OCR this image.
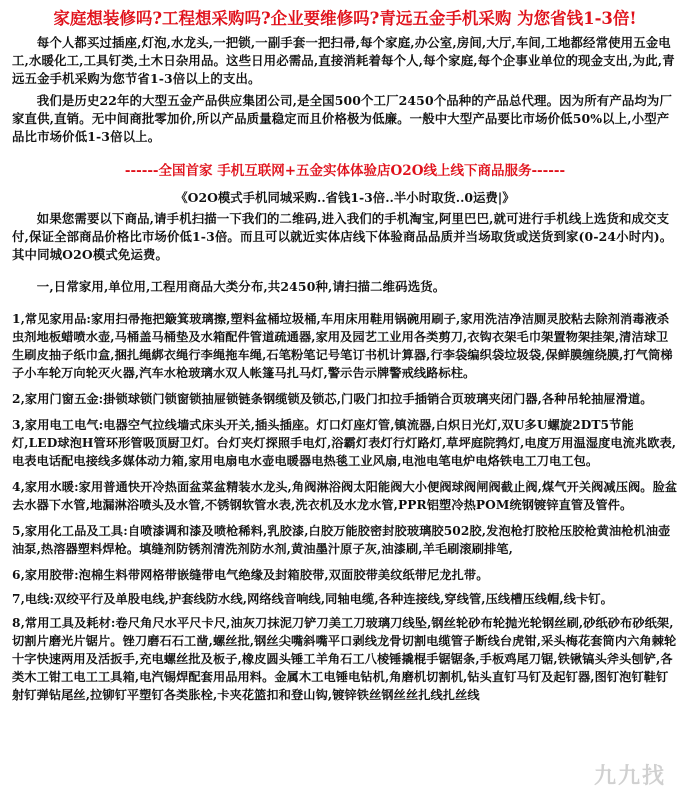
家庭想装修吗?工程想采购吗?企业要维修吗?青远五金手机采购 为您省钱1-3倍!

每个人都买过插座,灯泡,水龙头,一把锁,一副手套一把扫帚,每个家庭,办公室,房间,大厅,车间,工地都经常使用五金电工,水暖化工,工具钉类,土木日杂用品。这些日用必需品,直接消耗着每个人,每个家庭,每个企事业单位的现金支出,为此,青远五金手机采购为您节省1-3倍以上的支出。

我们是历史22年的大型五金产品供应集团公司,是全国500个工厂2450个品种的产品总代理。因为所有产品均为厂家直供,直销。无中间商批零加价,所以产品质量稳定而且价格极为低廉。一般中大型产品要比市场价低50%以上,小型产品比市场价低1-3倍以上。

------全国首家 手机互联网+五金实体体验店O2O线上线下商品服务------
《O2O模式手机同城采购..省钱1-3倍..半小时取货..0运费|》

如果您需要以下商品,请手机扫描一下我们的二维码,进入我们的手机淘宝,阿里巴巴,就可进行手机线上选货和成交支付,保证全部商品价格比市场价低1-3倍。而且可以就近实体店线下体验商品品质并当场取货或送货到家(0-24小时内)。其中同城O2O模式免运费。

一,日常家用,单位用,工程用商品大类分布,共2450种,请扫描二维码选货。

1,常见家用品:家用扫帚拖把簸箕玻璃擦,塑料盆桶垃圾桶,车用床用鞋用锅碗用刷子,家用洗洁净洁厕灵胶粘去除剂消毒液杀虫剂地板蜡喷水壶,马桶盖马桶垫及水箱配件管道疏通器,家用及园艺工业用各类剪刀,衣钩衣架毛巾架置物架挂架,清洁球卫生刷皮抽子纸巾盒,捆扎绳綁衣绳行李绳拖车绳,石笔粉笔记号笔订书机计算器,行李袋编织袋垃圾袋,保鲜膜缠绕膜,打气筒梯子小车轮万向轮灭火器,汽车水枪玻璃水双人帐篷马扎马灯,警示告示牌警戒线路标柱。

2,家用门窗五金:掛锁球锁门锁窗锁抽屉锁链条钢缆锁及锁芯,门吸门扣拉手插销合页玻璃夹闭门器,各种吊轮抽屉滑道。

3,家用电工电气:电器空气拉线墙式床头开关,插头插座。灯口灯座灯管,镇流器,白炽日光灯,双U多U螺旋2DT5节能灯,LED球泡H管环形管吸顶厨卫灯。台灯夹灯探照手电灯,浴霸灯表灯行灯路灯,草坪庭院鹁灯,电度万用温湿度电流兆欧表,电表电话配电接线多媒体动力箱,家用电扇电水壶电暖器电热毯工业风扇,电池电笔电炉电烙铁电工刀电工包。

4,家用水暖:家用普通快开冷热面盆菜盆精装水龙头,角阀淋浴阀太阳能阀大小便阀球阀闸阀截止阀,煤气开关阀减压阀。脸盆去水器下水管,地漏淋浴喷头及水管,不锈钢软管水表,洗衣机及水龙水管,PPR铝塑冷热POM统钢镀锌直管及管件。

5,家用化工品及工具:自喷漆调和漆及喷枪稀料,乳胶漆,白胶万能胶密封胶玻璃胶502胶,发泡枪打胶枪压胶枪黄油枪机油壶油泵,热溶器塑料焊枪。填缝剂防锈剂清洗剂防水剂,黄油墨汁原子灰,油漆刷,羊毛刷滚刷排笔,

6,家用胶带:泡棉生料带网格带嵌缝带电气绝缘及封箱胶带,双面胶带美纹纸带尼龙扎带。

7,电线:双绞平行及单股电线,护套线防水线,网络线音响线,同轴电缆,各种连接线,穿线管,压线槽压线帽,线卡钉。

8,常用工具及耗材:卷尺角尺水平尺卡尺,油灰刀抹泥刀铲刀美工刀玻璃刀线坠,钢丝轮砂布轮抛光轮钢丝刷,砂纸砂布砂纸架,切割片磨光片锯片。锉刀磨石石工凿,螺丝批,钢丝尖嘴斜嘴平口剥线龙骨切割电缆管子断线台虎钳,采头梅花套筒内六角棘轮十字快速两用及活扳手,充电螺丝批及板子,橡皮圆头锤工羊角石工八棱锤撬棍手锯锯条,手板鸡尾刀锯,铁锹镐头斧头刨铲,各类木工钳工电工工具箱,电汽锡焊配套用品用料。金属木工电锤电钻机,角磨机切割机,钻头直钉马钉及起钉器,图钉泡钉鞋钉射钉弹钻尾丝,拉铆钉平塑钉各类胀栓,卡夹花篮扣和登山钩,镀锌铁丝钢丝丝扎线扎丝线

九九找
